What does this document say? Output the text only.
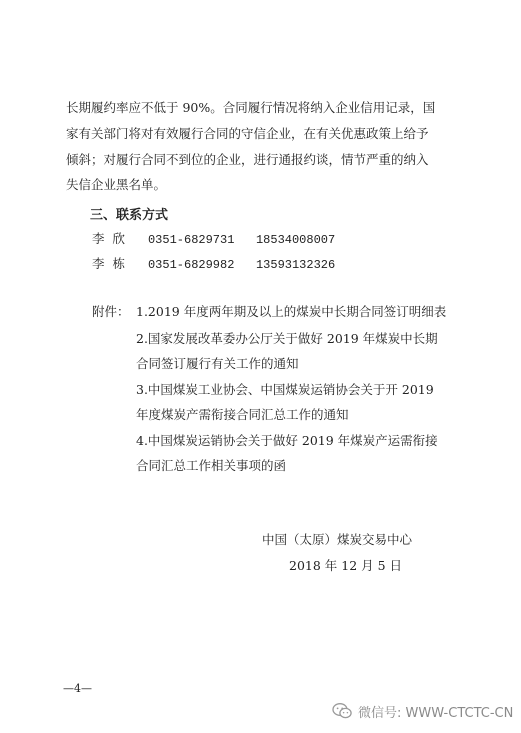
长期履约率应不低于 90%。合同履行情况将纳入企业信用记录，国
家有关部门将对有效履行合同的守信企业，在有关优惠政策上给予
倾斜；对履行合同不到位的企业，进行通报约谈，情节严重的纳入
失信企业黑名单。
三、联系方式
李欣 0351-6829731 18534008007
李栋 0351-6829982 13593132326
附件： 1.2019 年度两年期及以上的煤炭中长期合同签订明细表
2.国家发展改革委办公厅关于做好 2019 年煤炭中长期
合同签订履行有关工作的通知
3.中国煤炭工业协会、中国煤炭运销协会关于开 2019
年度煤炭产需衔接合同汇总工作的通知
4.中国煤炭运销协会关于做好 2019 年煤炭产运需衔接
合同汇总工作相关事项的函
中国（太原）煤炭交易中心
2018 年 12 月 5 日
—4—
微信号: WWW-CTCTC-CN
